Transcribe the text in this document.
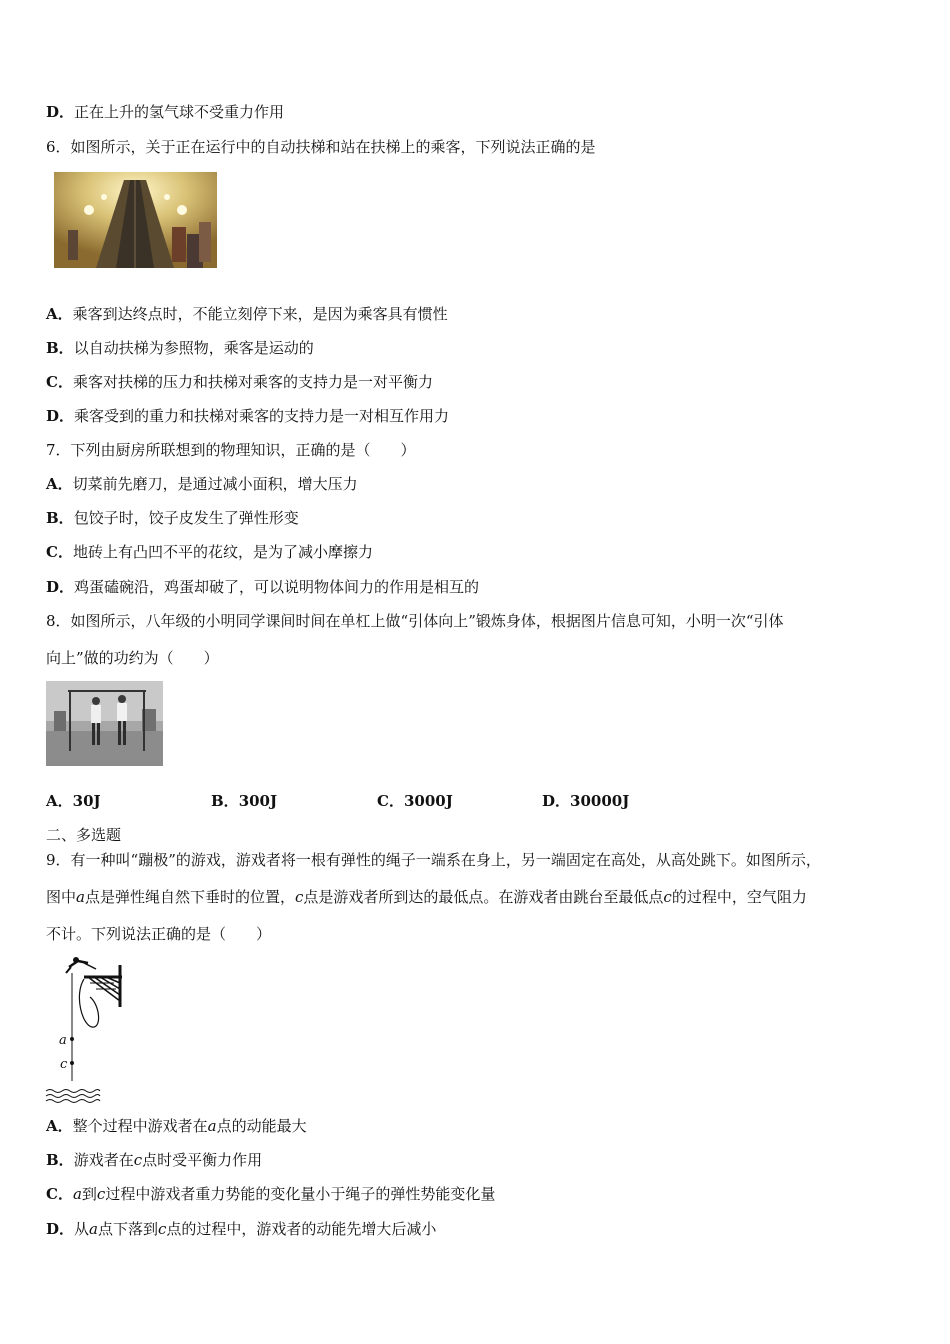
D．正在上升的氢气球不受重力作用
6．如图所示，关于正在运行中的自动扶梯和站在扶梯上的乘客，下列说法正确的是
A．乘客到达终点时，不能立刻停下来，是因为乘客具有惯性
B．以自动扶梯为参照物，乘客是运动的
C．乘客对扶梯的压力和扶梯对乘客的支持力是一对平衡力
D．乘客受到的重力和扶梯对乘客的支持力是一对相互作用力
7．下列由厨房所联想到的物理知识，正确的是（　　）
A．切菜前先磨刀，是通过减小面积，增大压力
B．包饺子时，饺子皮发生了弹性形变
C．地砖上有凸凹不平的花纹，是为了减小摩擦力
D．鸡蛋磕碗沿，鸡蛋却破了，可以说明物体间力的作用是相互的
8．如图所示，八年级的小明同学课间时间在单杠上做“引体向上”锻炼身体，根据图片信息可知，小明一次“引体
向上”做的功约为（　　）
A．30J	B．300J	C．3000J	D．30000J
二、多选题
9．有一种叫“蹦极”的游戏，游戏者将一根有弹性的绳子一端系在身上，另一端固定在高处，从高处跳下。如图所示，
图中a点是弹性绳自然下垂时的位置，c点是游戏者所到达的最低点。在游戏者由跳台至最低点c的过程中，空气阻力
不计。下列说法正确的是（　　）
a
c
A．整个过程中游戏者在a点的动能最大
B．游戏者在c点时受平衡力作用
C．a到c过程中游戏者重力势能的变化量小于绳子的弹性势能变化量
D．从a点下落到c点的过程中，游戏者的动能先增大后减小
